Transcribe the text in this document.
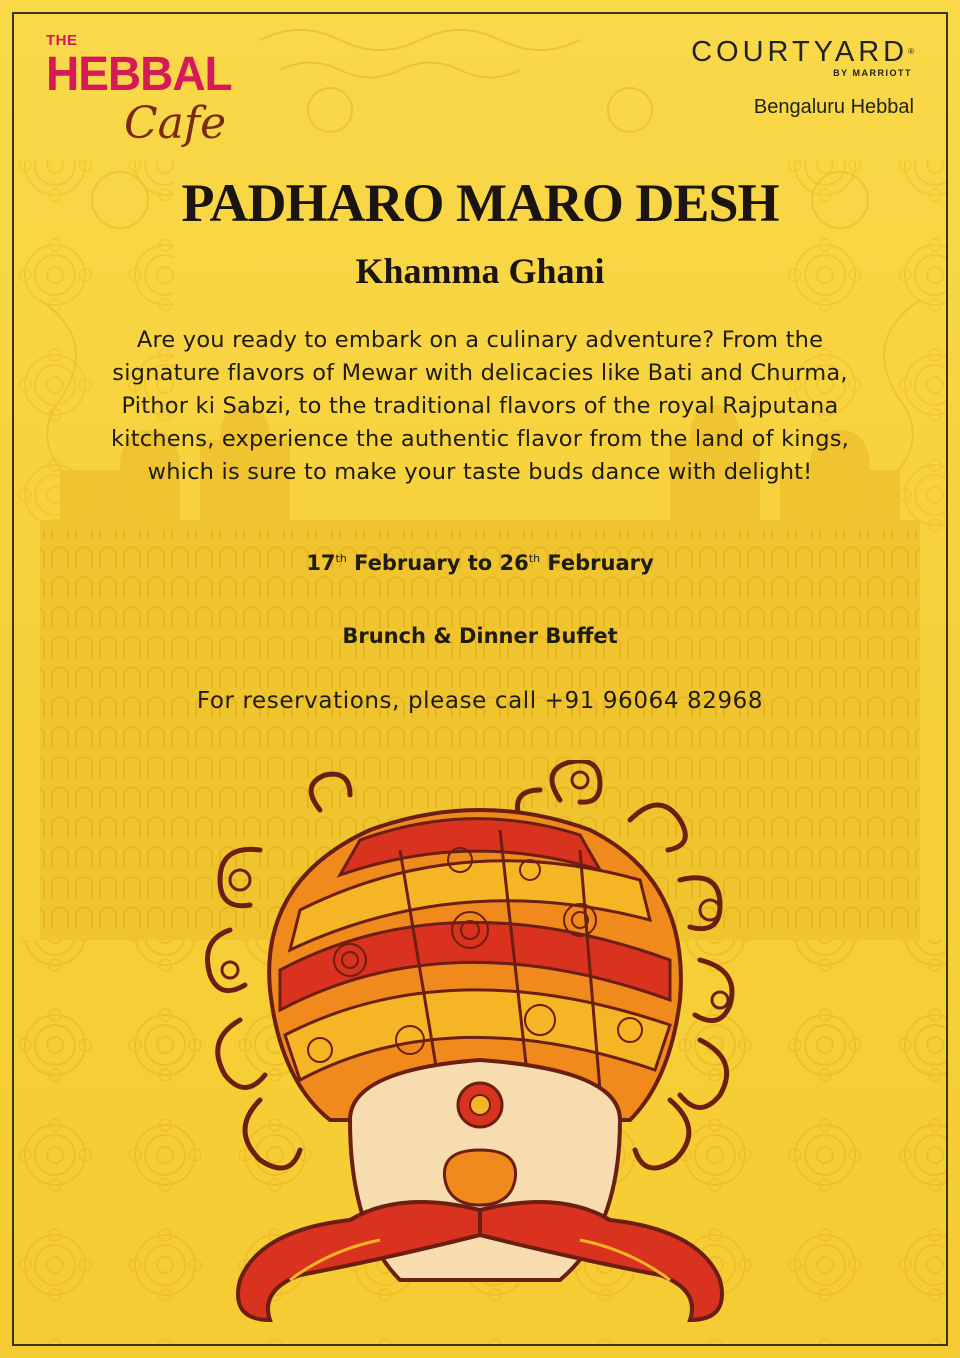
THE
HEBBAL
Cafe
COURTYARD®
BY MARRIOTT
Bengaluru Hebbal
PADHARO MARO DESH
Khamma Ghani
Are you ready to embark on a culinary adventure? From the signature flavors of Mewar with delicacies like Bati and Churma, Pithor ki Sabzi, to the traditional flavors of the royal Rajputana kitchens, experience the authentic flavor from the land of kings, which is sure to make your taste buds dance with delight!
17th February to 26th February
Brunch & Dinner Buffet
For reservations, please call +91 96064 82968
